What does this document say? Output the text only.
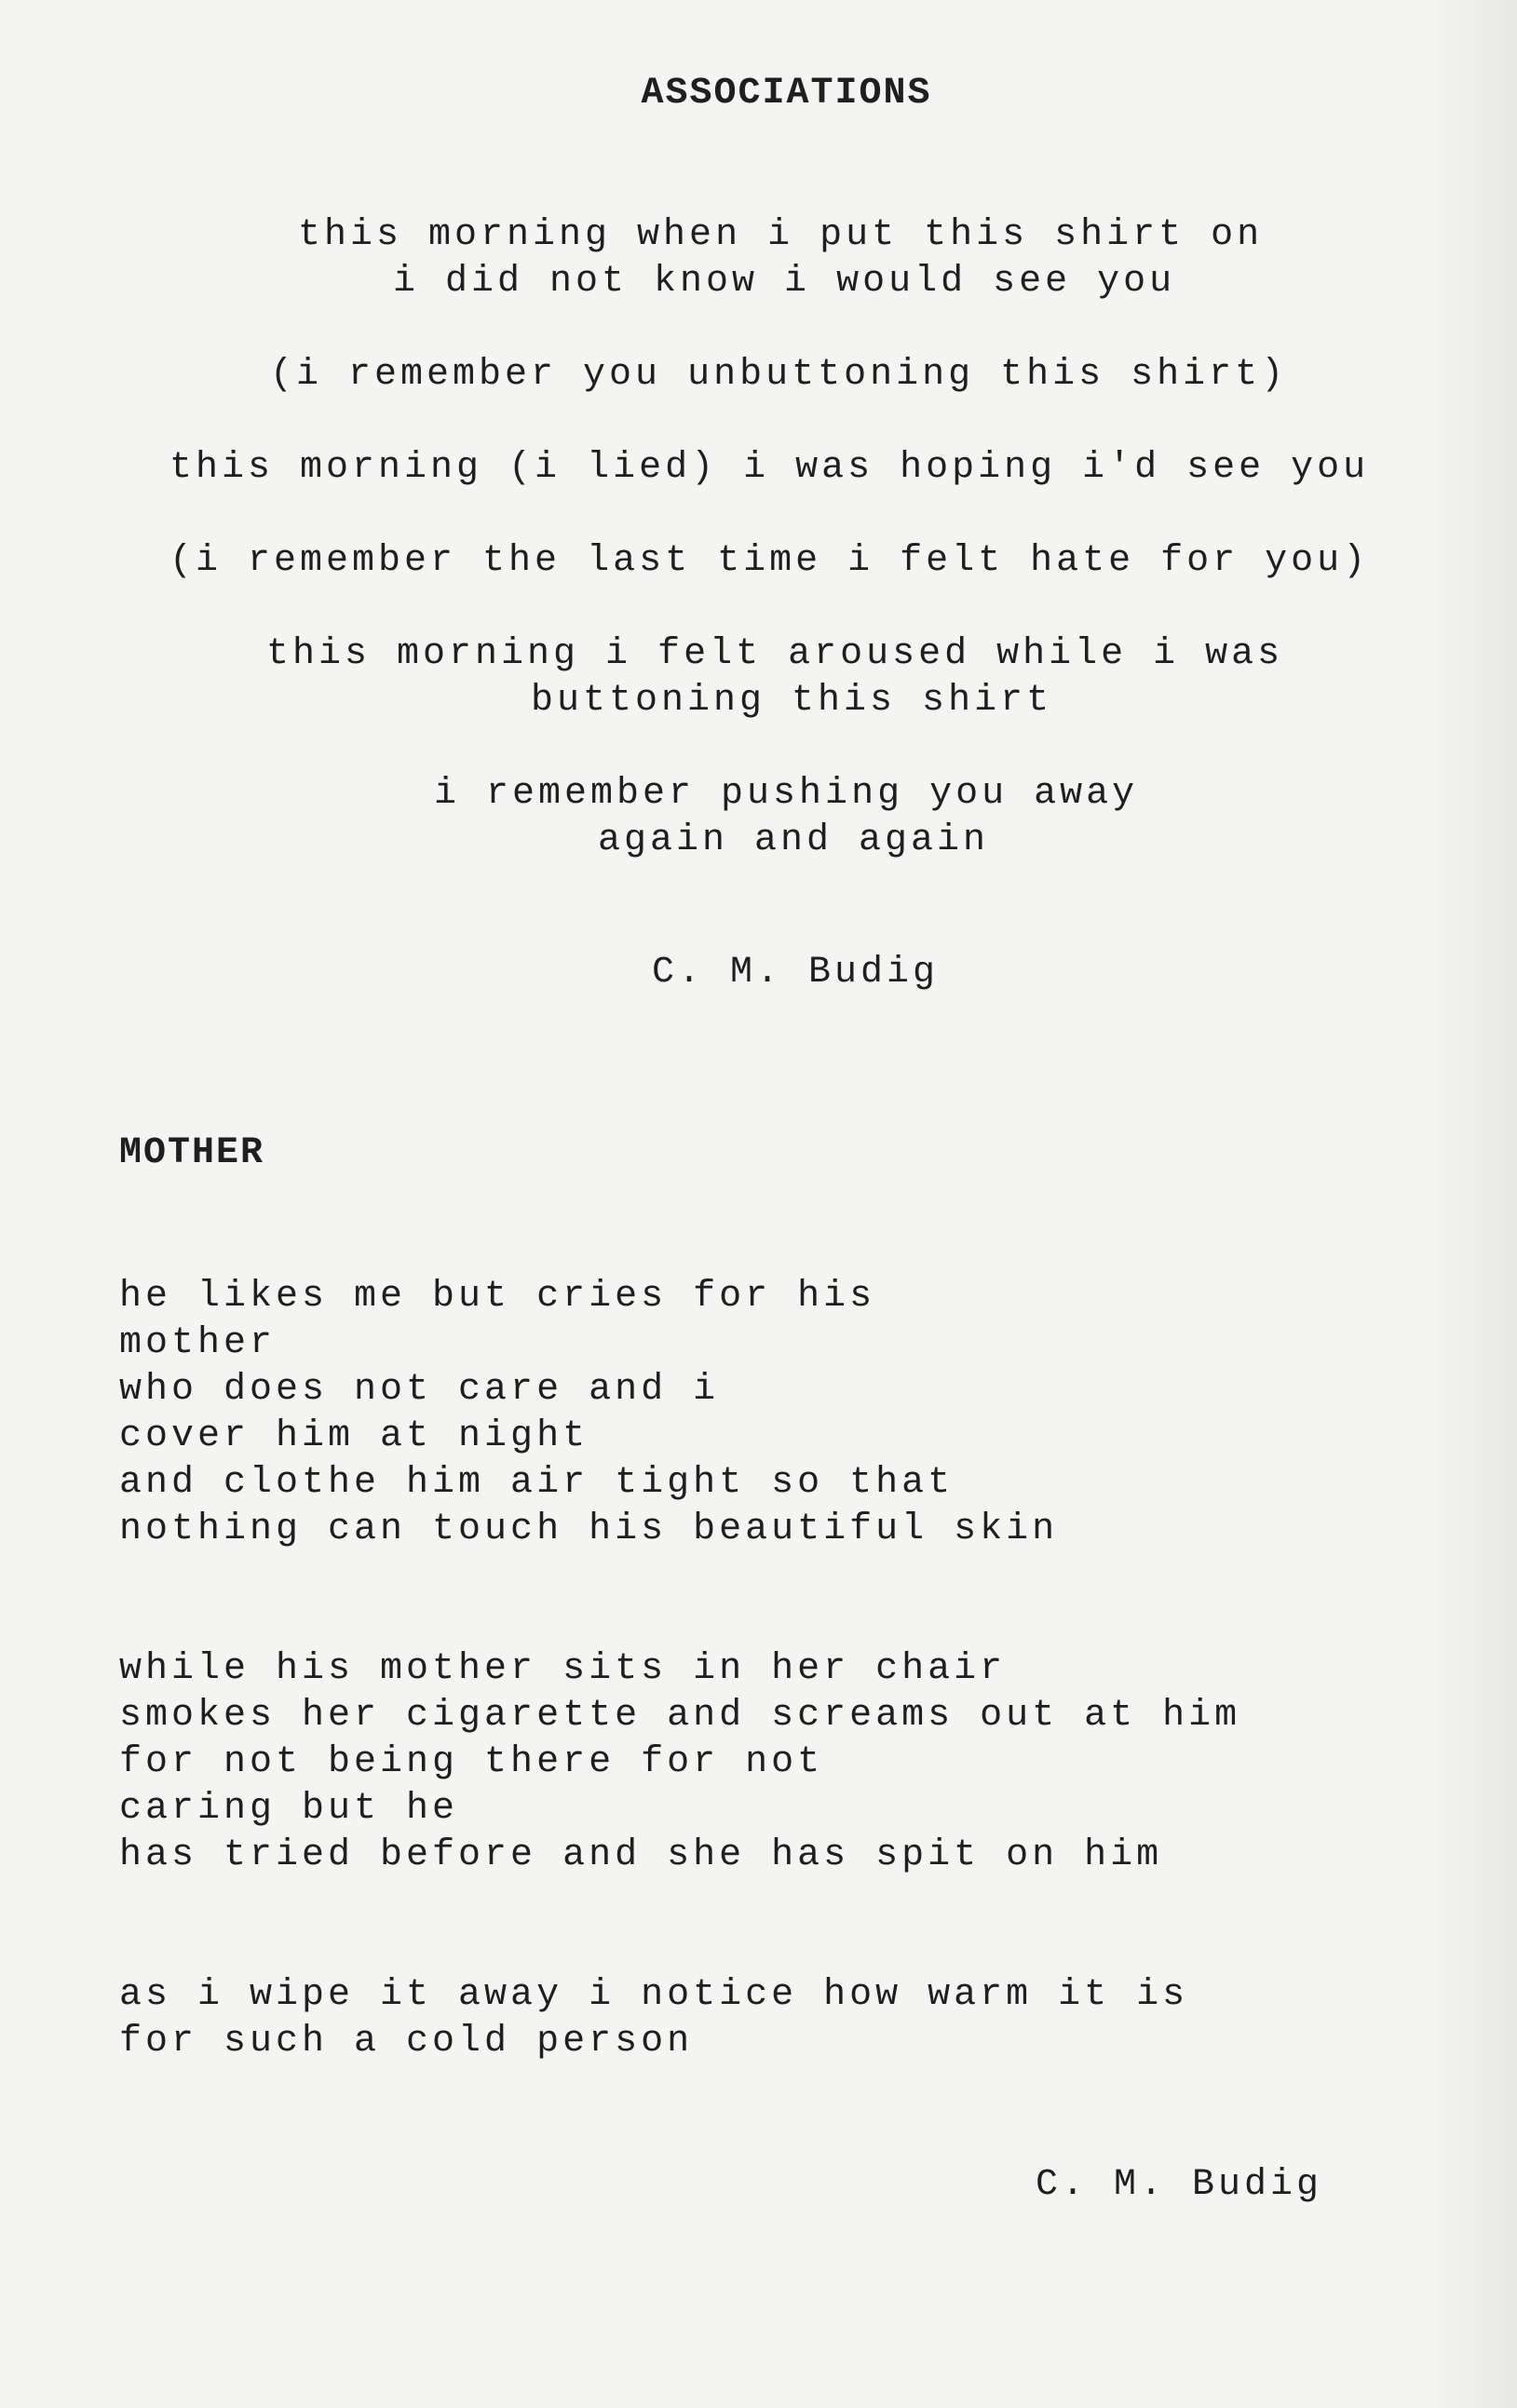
ASSOCIATIONS

this morning when i put this shirt on

i did not know i would see you

(i remember you unbuttoning this shirt)

this morning (i lied) i was hoping i'd see you

(i remember the last time i felt hate for you)

this morning i felt aroused while i was

buttoning this shirt

i remember pushing you away

again and again

C. M. Budig

MOTHER

he likes me but cries for his

mother

who does not care and i

cover him at night

and clothe him air tight so that

nothing can touch his beautiful skin

while his mother sits in her chair

smokes her cigarette and screams out at him

for not being there for not

caring but he

has tried before and she has spit on him

as i wipe it away i notice how warm it is

for such a cold person

C. M. Budig
